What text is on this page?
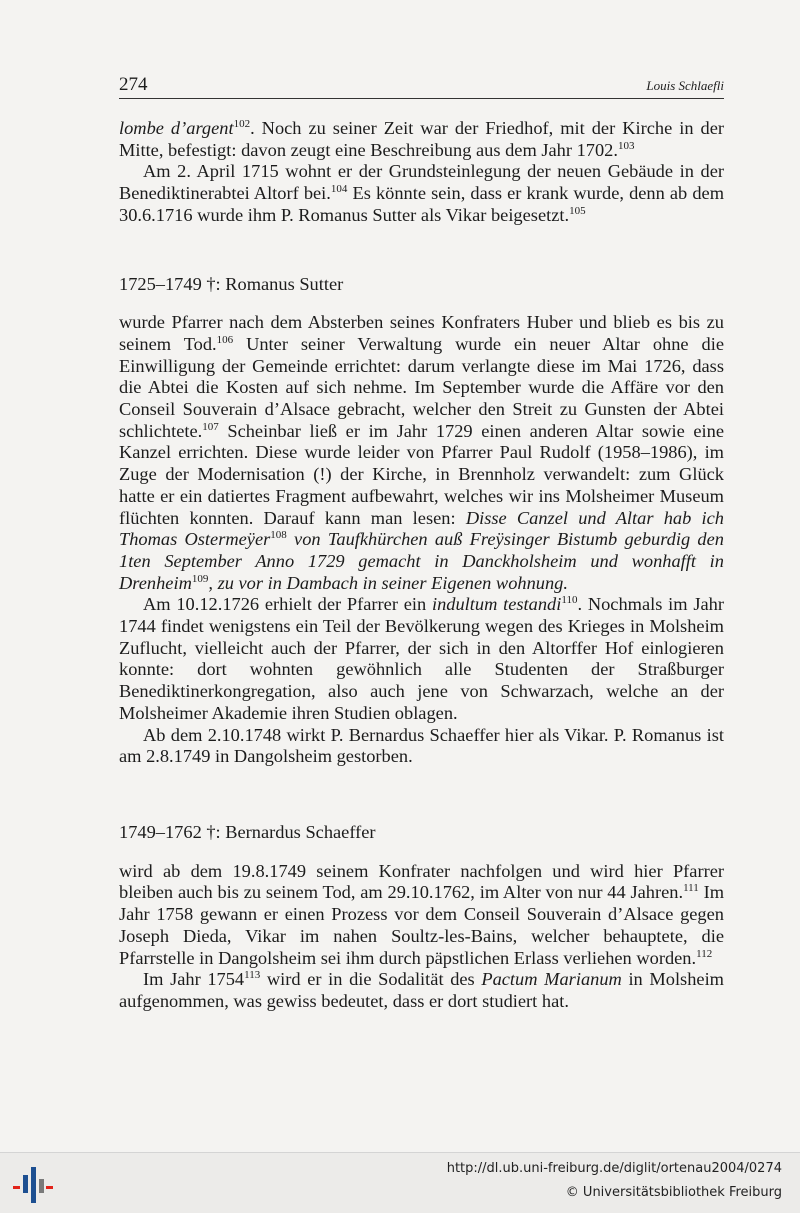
274	Louis Schlaefli

lombe d’argent$^{102}$. Noch zu seiner Zeit war der Friedhof, mit der Kirche in der Mitte, befestigt: davon zeugt eine Beschreibung aus dem Jahr 1702.$^{103}$

Am 2. April 1715 wohnt er der Grundsteinlegung der neuen Gebäude in der Benediktinerabtei Altorf bei.$^{104}$ Es könnte sein, dass er krank wurde, denn ab dem 30.6.1716 wurde ihm P. Romanus Sutter als Vikar beigesetzt.$^{105}$

1725–1749 †: Romanus Sutter

wurde Pfarrer nach dem Absterben seines Konfraters Huber und blieb es bis zu seinem Tod.$^{106}$ Unter seiner Verwaltung wurde ein neuer Altar ohne die Einwilligung der Gemeinde errichtet: darum verlangte diese im Mai 1726, dass die Abtei die Kosten auf sich nehme. Im September wurde die Affäre vor den Conseil Souverain d’Alsace gebracht, welcher den Streit zu Gunsten der Abtei schlichtete.$^{107}$ Scheinbar ließ er im Jahr 1729 einen anderen Altar sowie eine Kanzel errichten. Diese wurde leider von Pfarrer Paul Rudolf (1958–1986), im Zuge der Modernisation (!) der Kirche, in Brennholz verwandelt: zum Glück hatte er ein datiertes Fragment aufbewahrt, welches wir ins Molsheimer Museum flüchten konnten. Darauf kann man lesen: Disse Canzel und Altar hab ich Thomas Ostermeÿer$^{108}$ von Taufkhürchen auß Freÿsinger Bistumb geburdig den 1ten September Anno 1729 gemacht in Danckholsheim und wonhafft in Drenheim$^{109}$, zu vor in Dambach in seiner Eigenen wohnung.

Am 10.12.1726 erhielt der Pfarrer ein indultum testandi$^{110}$. Nochmals im Jahr 1744 findet wenigstens ein Teil der Bevölkerung wegen des Krieges in Molsheim Zuflucht, vielleicht auch der Pfarrer, der sich in den Altorffer Hof einlogieren konnte: dort wohnten gewöhnlich alle Studenten der Straßburger Benediktinerkongregation, also auch jene von Schwarzach, welche an der Molsheimer Akademie ihren Studien oblagen.

Ab dem 2.10.1748 wirkt P. Bernardus Schaeffer hier als Vikar. P. Romanus ist am 2.8.1749 in Dangolsheim gestorben.

1749–1762 †: Bernardus Schaeffer

wird ab dem 19.8.1749 seinem Konfrater nachfolgen und wird hier Pfarrer bleiben auch bis zu seinem Tod, am 29.10.1762, im Alter von nur 44 Jahren.$^{111}$ Im Jahr 1758 gewann er einen Prozess vor dem Conseil Souverain d’Alsace gegen Joseph Dieda, Vikar im nahen Soultz-les-Bains, welcher behauptete, die Pfarrstelle in Dangolsheim sei ihm durch päpstlichen Erlass verliehen worden.$^{112}$

Im Jahr 1754$^{113}$ wird er in die Sodalität des Pactum Marianum in Molsheim aufgenommen, was gewiss bedeutet, dass er dort studiert hat.

http://dl.ub.uni-freiburg.de/diglit/ortenau2004/0274
© Universitätsbibliothek Freiburg
